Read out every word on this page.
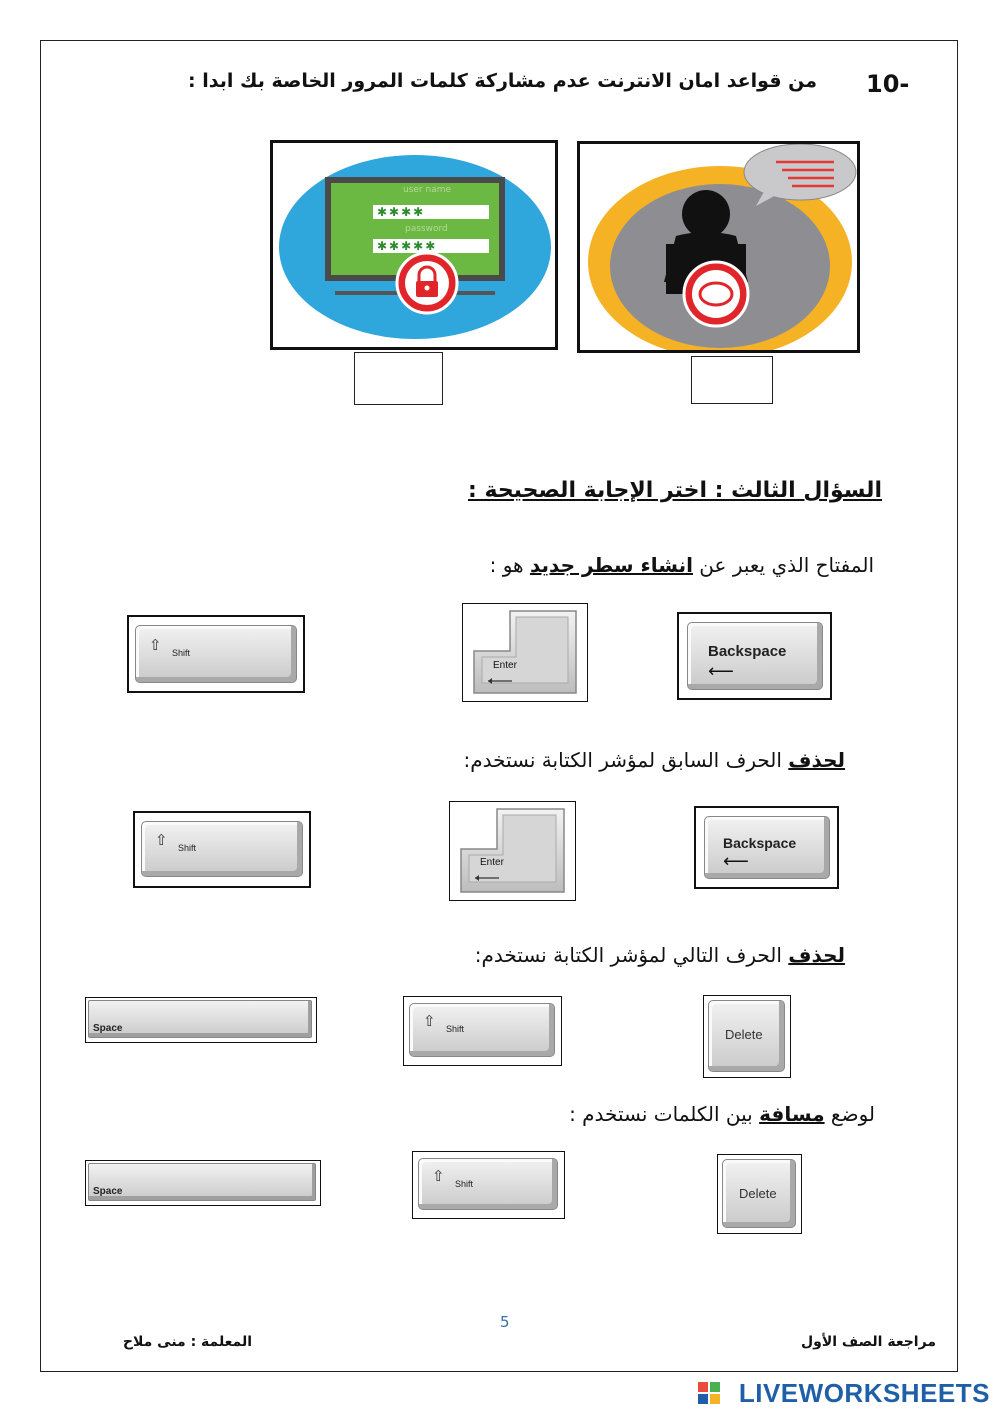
10-
من قواعد امان الانترنت عدم مشاركة كلمات المرور الخاصة بك ابدا :
user name
✱✱✱✱
password
✱✱✱✱✱
السؤال الثالث : اختر الإجابة الصحيحة :
المفتاح الذي يعبر عن انشاء سطر جديد هو :
⇧ Shift
Enter
Backspace
⟵
لحذف الحرف السابق لمؤشر الكتابة نستخدم:
⇧ Shift
Enter
Backspace
⟵
لحذف الحرف التالي لمؤشر الكتابة نستخدم:
Space	⇧ Shift	Delete
لوضع مسافة بين الكلمات نستخدم :
Space
⇧ Shift
Delete
5
المعلمة : منى ملاح	مراجعة الصف الأول
LIVEWORKSHEETS
